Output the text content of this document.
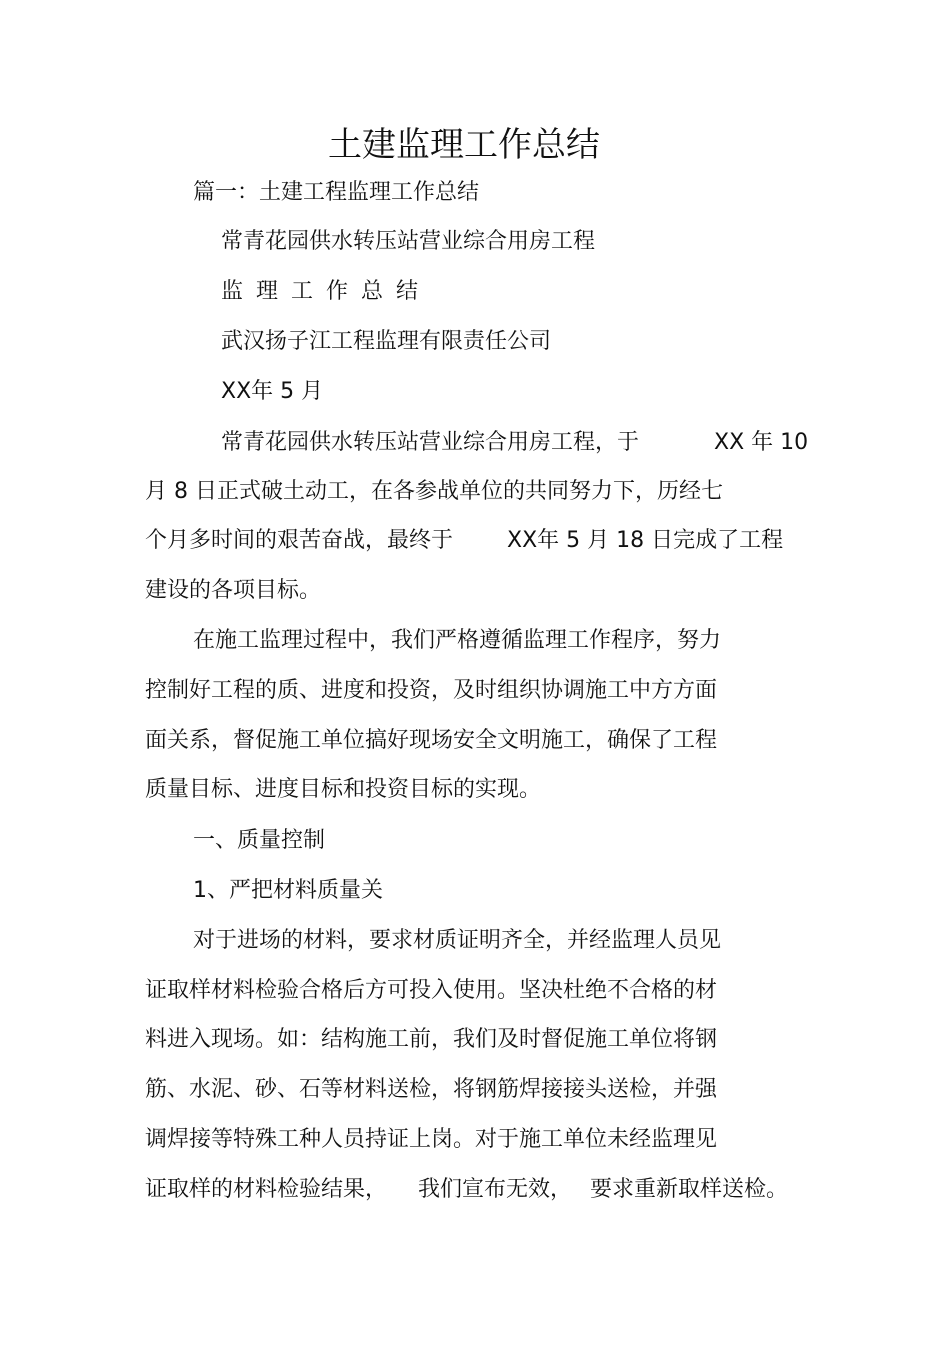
土建监理工作总结

篇一：土建工程监理工作总结

常青花园供水转压站营业综合用房工程

监理工作总结

武汉扬子江工程监理有限责任公司

XX年 5 月

常青花园供水转压站营业综合用房工程，于	XX 年 10

月 8 日正式破土动工，在各参战单位的共同努力下，历经七

个月多时间的艰苦奋战，最终于 XX年 5 月 18 日完成了工程

建设的各项目标。

在施工监理过程中，我们严格遵循监理工作程序，努力

控制好工程的质、进度和投资，及时组织协调施工中方方面

面关系，督促施工单位搞好现场安全文明施工，确保了工程

质量目标、进度目标和投资目标的实现。

一、质量控制

1、严把材料质量关

对于进场的材料，要求材质证明齐全，并经监理人员见

证取样材料检验合格后方可投入使用。坚决杜绝不合格的材

料进入现场。如：结构施工前，我们及时督促施工单位将钢

筋、水泥、砂、石等材料送检，将钢筋焊接接头送检，并强

调焊接等特殊工种人员持证上岗。对于施工单位未经监理见

证取样的材料检验结果， 我们宣布无效， 要求重新取样送检。
